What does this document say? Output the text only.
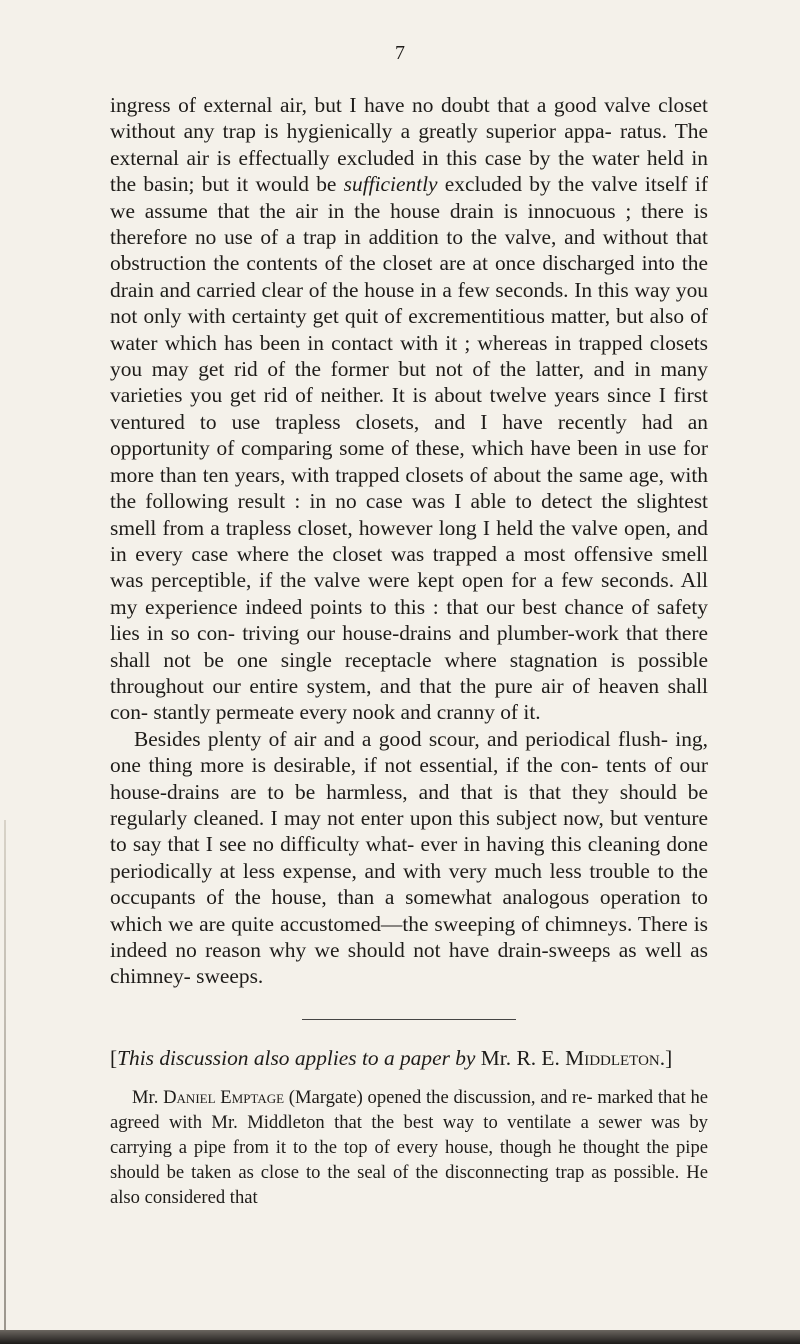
7

ingress of external air, but I have no doubt that a good valve closet without any trap is hygienically a greatly superior appa- ratus. The external air is effectually excluded in this case by the water held in the basin; but it would be sufficiently excluded by the valve itself if we assume that the air in the house drain is innocuous ; there is therefore no use of a trap in addition to the valve, and without that obstruction the contents of the closet are at once discharged into the drain and carried clear of the house in a few seconds. In this way you not only with certainty get quit of excrementitious matter, but also of water which has been in contact with it ; whereas in trapped closets you may get rid of the former but not of the latter, and in many varieties you get rid of neither. It is about twelve years since I first ventured to use trapless closets, and I have recently had an opportunity of comparing some of these, which have been in use for more than ten years, with trapped closets of about the same age, with the following result : in no case was I able to detect the slightest smell from a trapless closet, however long I held the valve open, and in every case where the closet was trapped a most offensive smell was perceptible, if the valve were kept open for a few seconds. All my experience indeed points to this : that our best chance of safety lies in so con- triving our house-drains and plumber-work that there shall not be one single receptacle where stagnation is possible throughout our entire system, and that the pure air of heaven shall con- stantly permeate every nook and cranny of it.

Besides plenty of air and a good scour, and periodical flush- ing, one thing more is desirable, if not essential, if the con- tents of our house-drains are to be harmless, and that is that they should be regularly cleaned. I may not enter upon this subject now, but venture to say that I see no difficulty what- ever in having this cleaning done periodically at less expense, and with very much less trouble to the occupants of the house, than a somewhat analogous operation to which we are quite accustomed—the sweeping of chimneys. There is indeed no reason why we should not have drain-sweeps as well as chimney- sweeps.

[This discussion also applies to a paper by Mr. R. E. Middleton.]

Mr. Daniel Emptage (Margate) opened the discussion, and re- marked that he agreed with Mr. Middleton that the best way to ventilate a sewer was by carrying a pipe from it to the top of every house, though he thought the pipe should be taken as close to the seal of the disconnecting trap as possible. He also considered that
